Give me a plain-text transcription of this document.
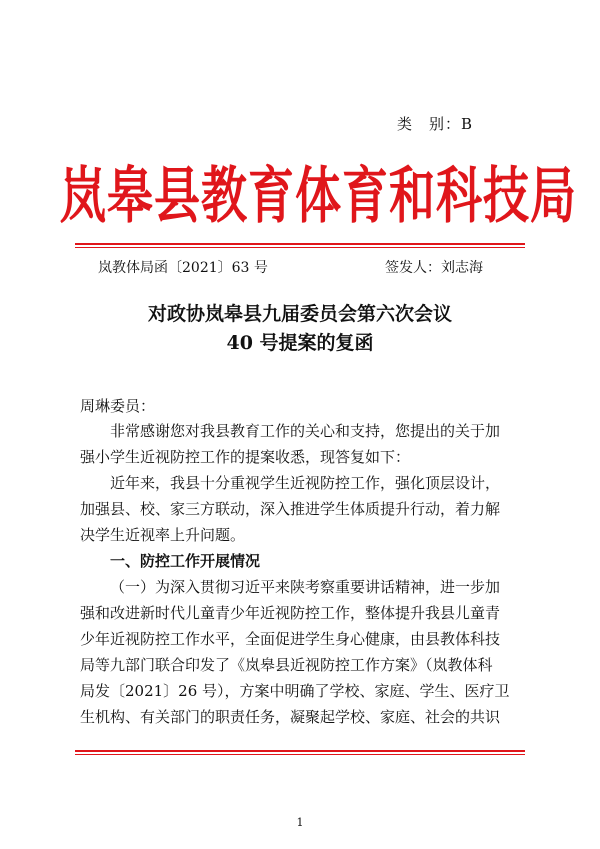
类　别：B
岚皋县教育体育和科技局
岚教体局函〔2021〕63 号	签发人：刘志海
对政协岚皋县九届委员会第六次会议
40 号提案的复函
周琳委员：
非常感谢您对我县教育工作的关心和支持，您提出的关于加
强小学生近视防控工作的提案收悉，现答复如下：
近年来，我县十分重视学生近视防控工作，强化顶层设计，
加强县、校、家三方联动，深入推进学生体质提升行动，着力解
决学生近视率上升问题。
一、防控工作开展情况
（一）为深入贯彻习近平来陕考察重要讲话精神，进一步加
强和改进新时代儿童青少年近视防控工作，整体提升我县儿童青
少年近视防控工作水平，全面促进学生身心健康，由县教体科技
局等九部门联合印发了《岚皋县近视防控工作方案》（岚教体科
局发〔2021〕26 号），方案中明确了学校、家庭、学生、医疗卫
生机构、有关部门的职责任务，凝聚起学校、家庭、社会的共识
1
